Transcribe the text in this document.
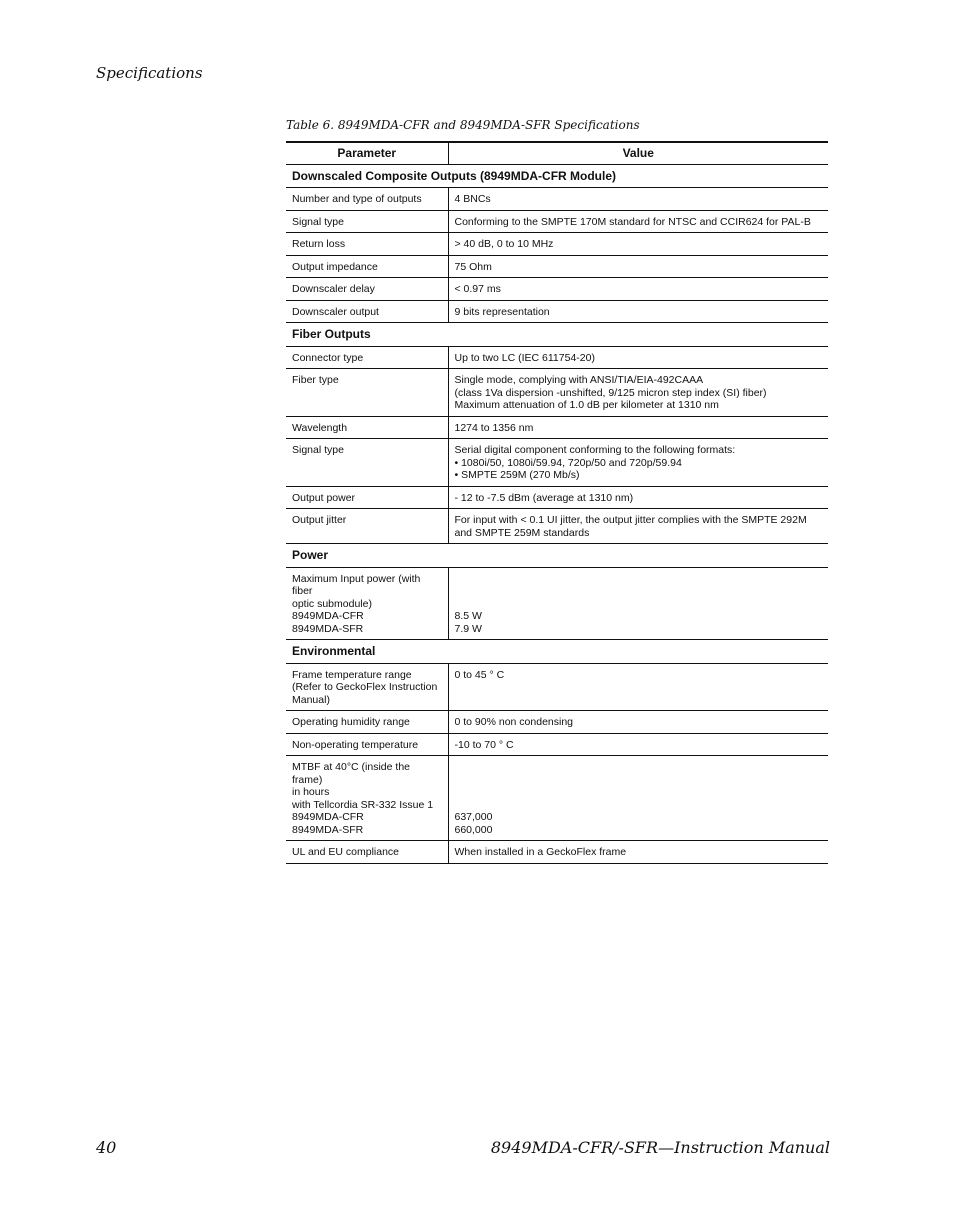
Specifications
Table 6. 8949MDA-CFR and 8949MDA-SFR Specifications
Parameter	Value
Downscaled Composite Outputs (8949MDA-CFR Module)	

Number and type of outputs	4 BNCs

Signal type	Conforming to the SMPTE 170M standard for NTSC and CCIR624 for PAL-B

Return loss	> 40 dB, 0 to 10 MHz

Output impedance	75 Ohm

Downscaler delay	< 0.97 ms

Downscaler output	9 bits representation

Fiber Outputs	

Connector type	Up to two LC (IEC 611754-20)

Fiber type	Single mode, complying with ANSI/TIA/EIA-492CAAA
(class 1Va dispersion -unshifted, 9/125 micron step index (SI) fiber)
Maximum attenuation of 1.0 dB per kilometer at 1310 nm

Wavelength	1274 to 1356 nm

Signal type	Serial digital component conforming to the following formats:
• 1080i/50, 1080i/59.94, 720p/50 and 720p/59.94
• SMPTE 259M (270 Mb/s)

Output power	- 12 to -7.5 dBm (average at 1310 nm)

Output jitter	For input with < 0.1 UI jitter, the output jitter complies with the SMPTE 292M
and SMPTE 259M standards

Power	

Maximum Input power (with fiber
optic submodule)
8949MDA-CFR
8949MDA-SFR	8.5 W
7.9 W

Environmental	

Frame temperature range
(Refer to GeckoFlex Instruction
Manual)	0 to 45 ° C

Operating humidity range	0 to 90% non condensing

Non-operating temperature	-10 to 70 ° C

MTBF at 40°C (inside the frame)
in hours
with Tellcordia SR-332 Issue 1
8949MDA-CFR
8949MDA-SFR	637,000
660,000

UL and EU compliance	When installed in a GeckoFlex frame
40	8949MDA-CFR/-SFR—Instruction Manual
